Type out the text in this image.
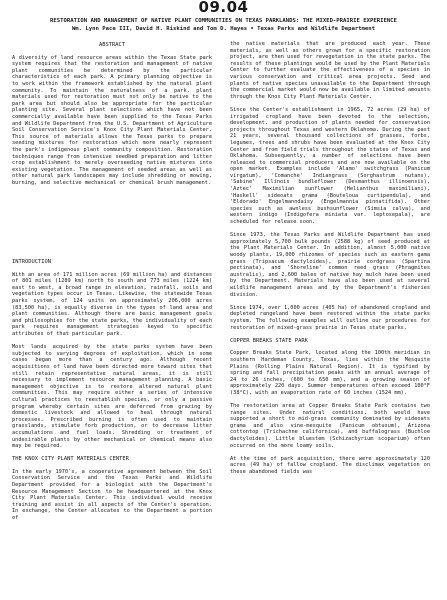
09.04
RESTORATION AND MANAGEMENT OF NATIVE PLANT COMMUNITIES ON TEXAS PARKLANDS: THE MIXED-PRAIRIE EXPERIENCE
Wm. Lynn Pace III, David H. Riskind and Tom D. Hayes • Texas Parks and Wildlife Department
ABSTRACT

A diversity of land resource areas within the Texas State park system requires that the restoration and management of native plant communities be determined by the particular characteristics of each park. A primary planning objective is to work within the framework established by the natural plant community. To maintain the naturalness of a park, plant materials used for restoration must not only be native to the park area but should also be appropriate for the particular planting site. Several plant selections which have not been commercially available have been supplied to the Texas Parks and Wildlife Department from the U.S. Department of Agriculture Soil Conservation Service's Knox City Plant Materials Center. This source of materials allows the Texas parks to prepare seeding mixtures for restoration which more nearly represent the park's indigenous plant community composition. Restoration techniques range from intensive seedbed preparation and litter crop establishment to merely overseeding native mixtures into existing vegetation. The management of seeded areas as well as other natural park landscapes may include shredding or mowing, burning, and selective mechanical or chemical brush management.

INTRODUCTION

With an area of 171 million acres (69 million ha) and distances of 801 miles (1289 km) north to south and 773 miles (1224 km) east to west, a broad range in elevation, rainfall, soils and vegetation types occur in Texas. Likewise, the statewide Texas parks system, of 124 units on approximately 206,000 acres (83,500 ha), is equally diverse in the types of land area and plant communities. Although there are basic management goals and philosophies for the state parks, the individuality of each park requires management strategies keyed to specific attributes of that particular park.

Most lands acquired by the state parks system have been subjected to varying degrees of exploitation, which in some cases began more than a century ago. Although recent acquisitions of land have been directed more toward sites that still retain representative natural areas, it is still necessary to implement resource management planning. A basic management objective is to restore altered natural plant communities. This may require either a series of intensive cultural practices to reestablish species, or only a passive program whereby certain sites are deferred from grazing by domestic livestock and allowed to heal through natural processes. Prescribed burning is often used to maintain grasslands, stimulate forb production, or to decrease litter accumulations and fuel loads. Shredding or treatment of undesirable plants by other mechanical or chemical means also may be required.

THE KNOX CITY PLANT MATERIALS CENTER

In the early 1970's, a cooperative agreement between the Soil Conservation Service and the Texas Parks and Wildlife Department provided for a biologist with the Department's Resource Management Section to be headquartered at the Knox City Plant Materials Center. This individual would receive training and assist in all aspects of the Center's operation. In exchange, the Center allocates to the Department a portion of

the native materials that are produced each year. These materials, as well as others grown for a specific restoration project, are then used for revegetation in the state parks. The results of these plantings would be used by the Plant Materials Center to further evaluate the effectiveness of a species in various conservation and critical area projects. Seed and plants of native species unavailable to the Department through the commercial market would now be available in limited amounts through the Knox City Plant Materials Center.

Since the Center's establishment in 1965, 72 acres (29 ha) of irrigated cropland have been devoted to the selection, development, and production of plants needed for conservation projects throughout Texas and western Oklahoma. During the past 21 years, several thousand collections of grasses, forbs, legumes, trees and shrubs have been evaluated at the Knox City Center and from field trials throughout the states of Texas and Oklahoma. Subsequently, a number of selections have been released to commercial producers and are now available on the open market. Examples include 'Alamo' switchgrass (Panicum virgatum), 'Comanche' Indiangrass (Sorghastrum nutans), 'Sabine' Illinois bundleflower (Desmanthus illinoensis), 'Aztec' Maximilian sunflower (Helianthus maximiliani), 'Haskell' sideoats grama (Bouteloua curtipendula), and 'Eldorado' Engelmanndaisy (Engelmannia pinnatifida). Other species such as awnless bushsunflower (Simsia calva), and western indigo (Indigofera miniata var. leptosepala), are scheduled for release soon.

Since 1973, the Texas Parks and Wildlife Department has used approximately 5,700 bulk pounds (2588 kg) of seed produced at the Plant Materials Center. In addition, almost 5,000 native woody plants, 19,000 rhizomes of species such as eastern gama grass (Tripsacum dactyloides), prairie cordgrass (Spartina pectinata), and 'Shoreline' common reed grass (Phragmites australis), and 2,600 bales of native hay mulch have been used by the Department. Materials have also been used at several wildlife management areas and by the Department's fisheries division.

Since 1974, over 1,000 acres (405 ha) of abandoned cropland and depleted rangeland have been restored within the state parks system. The following examples will outline our procedures for restoration of mixed-grass prairie in Texas state parks.

COPPER BREAKS STATE PARK

Copper Breaks State Park, located along the 100th meridian in southern Hardeman County, Texas, lies within the Mesquite Plains (Rolling Plains Natural Region). It is typified by spring and fall precipitation peaks with an annual average of 24 to 26 inches, (600 to 650 mm), and a growing season of approximately 220 days. Summer temperatures often exceed 100°F (38°C), with an evaporation rate of 60 inches (1524 mm).

The restoration area at Copper Breaks State Park contains two range sites. Under natural conditions, both would have supported a short to mid-grass community dominated by sideoats grama and also vine-mesquite (Panicum obtusum), Arizona cottontop (Trichachne californica), and buffalograss (Buchloe dactyloides). Little bluestem (Schizachyrium scoparium) often occurred on the more loamy soils.

At the time of park acquisition, there were approximately 120 acres (49 ha) of fallow cropland. The disclimax vegetation on these abandoned fields was
